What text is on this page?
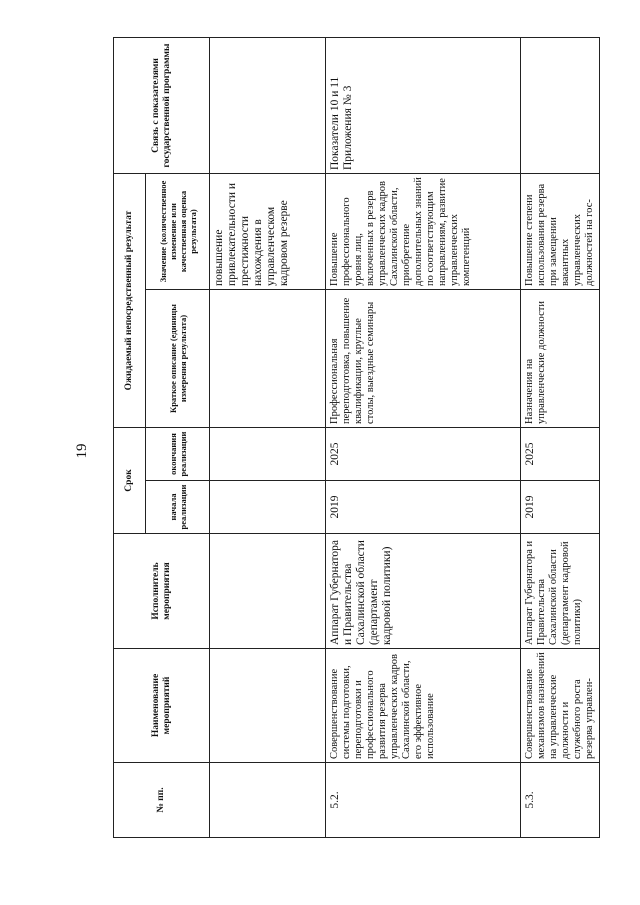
19
№ пп.	Наименование мероприятий	Исполнитель мероприятия	Срок		Ожидаемый непосредственный результат		Связь с показателями государственной программы
			начала реализации	окончания реализации	Краткое описание (единицы измерения результата)	Значение (количественное изменение или качественная оценка результата)	
						повышение привлекательности и престижности нахождения в управленческом кадровом резерве	
5.2.	Совершенствование системы подготовки, переподготовки и профессионального развития резерва управленческих кадров Сахалинской области, его эффективное использование	Аппарат Губернатора и Правительства Сахалинской области (департамент кадровой политики)	2019	2025	Профессиональная переподготовка, повышение квалификации, круглые столы, выездные семинары	Повышение профессионального уровня лиц, включенных в резерв управленческих кадров Сахалинской области, приобретение дополнительных знаний по соответствующим направлениям, развитие управленческих компетенций	Показатели 10 и 11 Приложения № 3
5.3.	Совершенствование механизмов назначений на управленческие должности и служебного роста резерва управлен-	Аппарат Губернатора и Правительства Сахалинской области (департамент кадровой политики)	2019	2025	Назначения на управленческие должности	Повышение степени использования резерва при замещении вакантных управленческих должностей на гос-	
